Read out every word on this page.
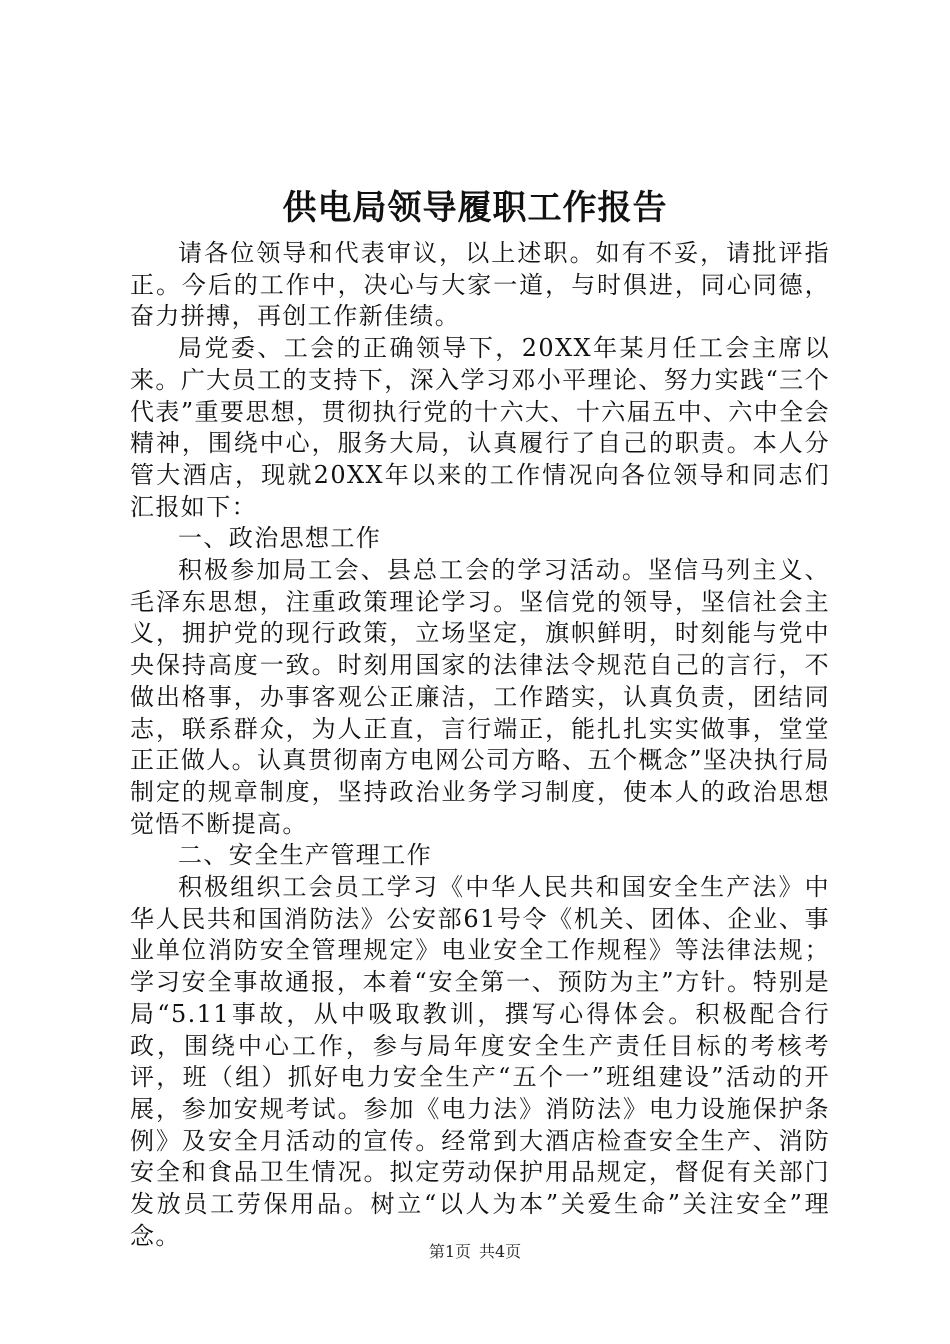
供电局领导履职工作报告

请各位领导和代表审议，以上述职。如有不妥，请批评指正。今后的工作中，决心与大家一道，与时俱进，同心同德，奋力拼搏，再创工作新佳绩。

局党委、工会的正确领导下，20XX年某月任工会主席以来。广大员工的支持下，深入学习邓小平理论、努力实践“三个代表”重要思想，贯彻执行党的十六大、十六届五中、六中全会精神，围绕中心，服务大局，认真履行了自己的职责。本人分管大酒店，现就20XX年以来的工作情况向各位领导和同志们汇报如下：

一、政治思想工作

积极参加局工会、县总工会的学习活动。坚信马列主义、毛泽东思想，注重政策理论学习。坚信党的领导，坚信社会主义，拥护党的现行政策，立场坚定，旗帜鲜明，时刻能与党中央保持高度一致。时刻用国家的法律法令规范自己的言行，不做出格事，办事客观公正廉洁，工作踏实，认真负责，团结同志，联系群众，为人正直，言行端正，能扎扎实实做事，堂堂正正做人。认真贯彻南方电网公司方略、五个概念”坚决执行局制定的规章制度，坚持政治业务学习制度，使本人的政治思想觉悟不断提高。

二、安全生产管理工作

积极组织工会员工学习《中华人民共和国安全生产法》中华人民共和国消防法》公安部61号令《机关、团体、企业、事业单位消防安全管理规定》电业安全工作规程》等法律法规；学习安全事故通报，本着“安全第一、预防为主”方针。特别是局“5.11事故，从中吸取教训，撰写心得体会。积极配合行政，围绕中心工作，参与局年度安全生产责任目标的考核考评，班（组）抓好电力安全生产“五个一”班组建设”活动的开展，参加安规考试。参加《电力法》消防法》电力设施保护条例》及安全月活动的宣传。经常到大酒店检查安全生产、消防安全和食品卫生情况。拟定劳动保护用品规定，督促有关部门发放员工劳保用品。树立“以人为本”关爱生命”关注安全”理念。

第1页 共4页
